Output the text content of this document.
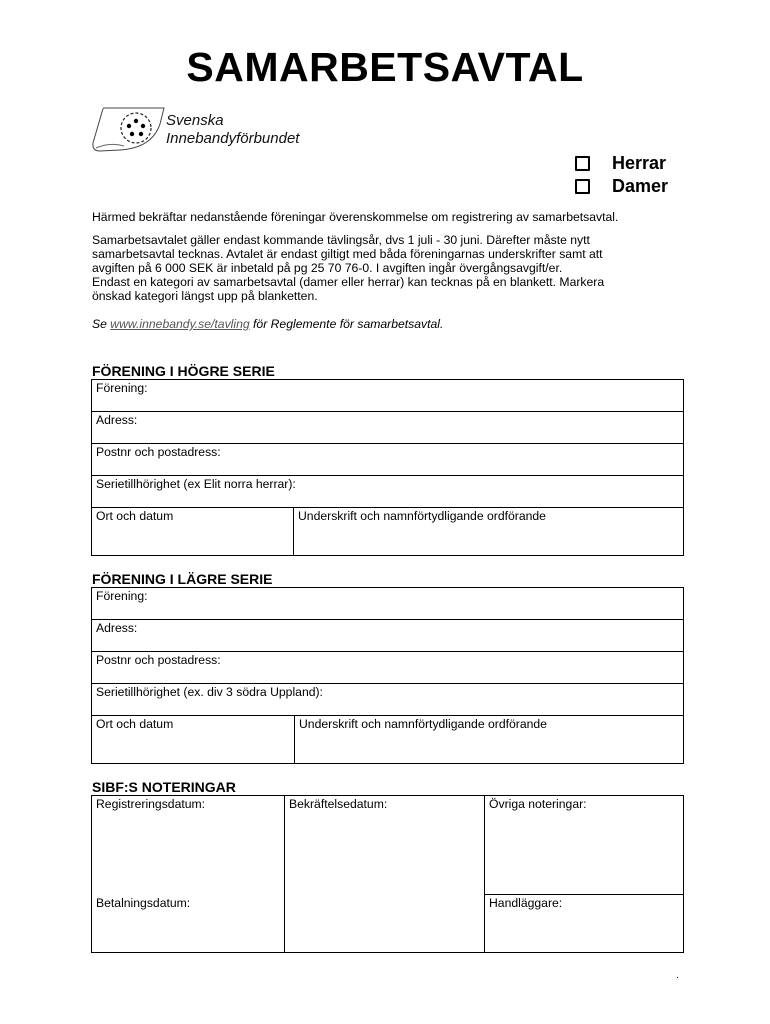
SAMARBETSAVTAL
Svenska
Innebandyförbundet
Herrar
Damer

Härmed bekräftar nedanstående föreningar överenskommelse om registrering av samarbetsavtal.

Samarbetsavtalet gäller endast kommande tävlingsår, dvs 1 juli - 30 juni. Därefter måste nytt

samarbetsavtal tecknas. Avtalet är endast giltigt med båda föreningarnas underskrifter samt att

avgiften på 6 000 SEK är inbetald på pg 25 70 76-0. I avgiften ingår övergångsavgift/er.

Endast en kategori av samarbetsavtal (damer eller herrar) kan tecknas på en blankett. Markera

önskad kategori längst upp på blanketten.

Se www.innebandy.se/tavling för Reglemente för samarbetsavtal.
FÖRENING I HÖGRE SERIE
Förening:
Adress:
Postnr och postadress:
Serietillhörighet (ex Elit norra herrar):
Ort och datum	Underskrift och namnförtydligande ordförande
FÖRENING I LÄGRE SERIE
Förening:
Adress:
Postnr och postadress:
Serietillhörighet (ex. div 3 södra Uppland):
Ort och datum	Underskrift och namnförtydligande ordförande
SIBF:S NOTERINGAR
Registreringsdatum:	Bekräftelsedatum:	Övriga noteringar:
Betalningsdatum:	Handläggare:
.
